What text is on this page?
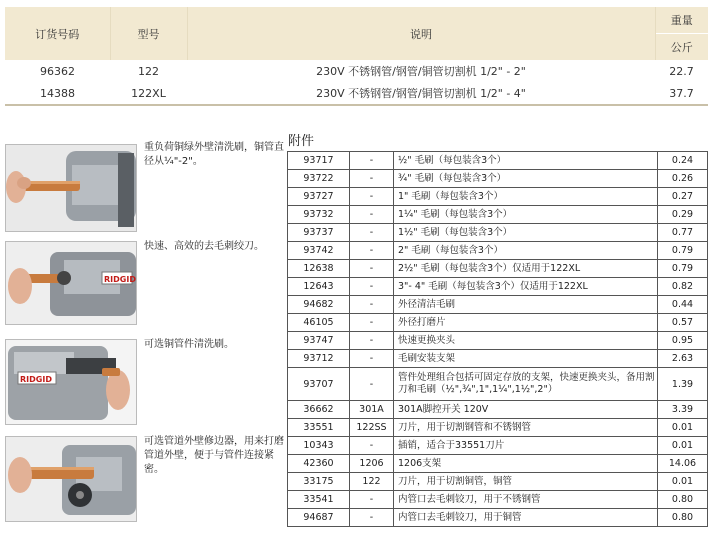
订货号码	型号	说明	重量
			公斤
96362	122	230V 不锈钢管/钢管/铜管切割机 1/2" - 2"	22.7
14388	122XL	230V 不锈钢管/钢管/铜管切割机 1/2" - 4"	37.7
重负荷铜绿外壁清洗刷，铜管直径从¼"-2"。
RIDGID
快速、高效的去毛刺绞刀。
RIDGID
可选铜管件清洗刷。
可选管道外壁修边器，用来打磨管道外壁，便于与管件连接紧密。
附件
93717	-	½" 毛刷（每包装含3个）	0.24
93722	-	¾" 毛刷（每包装含3个）	0.26
93727	-	1" 毛刷（每包装含3个）	0.27
93732	-	1¼" 毛刷（每包装含3个）	0.29
93737	-	1½" 毛刷（每包装含3个）	0.77
93742	-	2" 毛刷（每包装含3个）	0.79
12638	-	2½" 毛刷（每包装含3个）仅适用于122XL	0.79
12643	-	3"- 4" 毛刷（每包装含3个）仅适用于122XL	0.82
94682	-	外径清洁毛刷	0.44
46105	-	外径打磨片	0.57
93747	-	快速更换夹头	0.95
93712	-	毛刷安装支架	2.63
93707	-	管件处理组合包括可固定存放的支架，快速更换夹头，备用割刀和毛刷（½",¾",1",1¼",1½",2"）	1.39
36662	301A	301A脚控开关 120V	3.39
33551	122SS	刀片，用于切割钢管和不锈钢管	0.01
10343	-	插销，适合于33551刀片	0.01
42360	1206	1206支架	14.06
33175	122	刀片，用于切割铜管，铜管	0.01
33541	-	内管口去毛刺铰刀，用于不锈钢管	0.80
94687	-	内管口去毛刺铰刀，用于铜管	0.80
